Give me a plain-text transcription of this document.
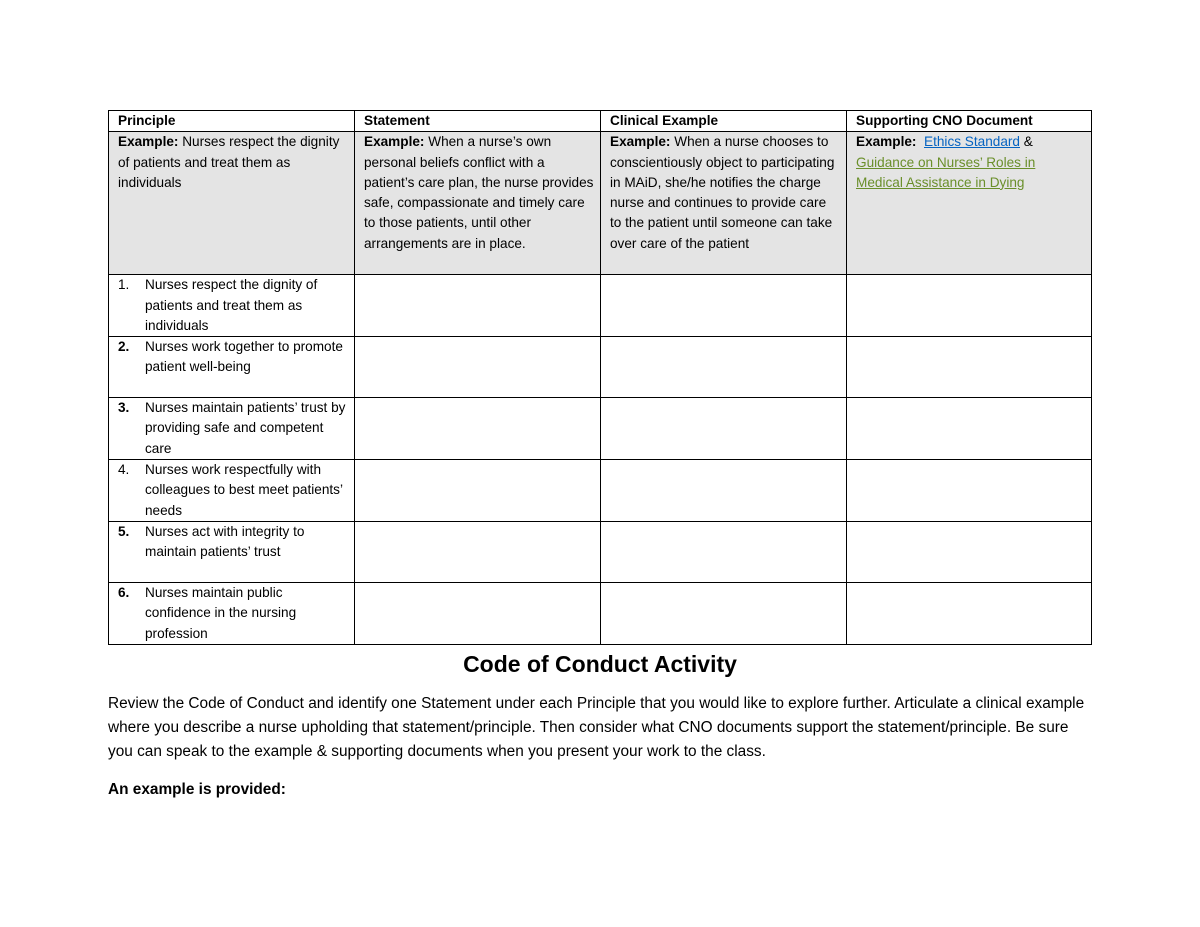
Principle	Statement	Clinical Example	Supporting CNO Document
Example: Nurses respect the dignity of patients and treat them as individuals	Example: When a nurse’s own personal beliefs conflict with a patient’s care plan, the nurse provides safe, compassionate and timely care to those patients, until other arrangements are in place.	Example: When a nurse chooses to conscientiously object to participating in MAiD, she/he notifies the charge nurse and continues to provide care to the patient until someone can take over care of the patient	Example: Ethics Standard &
Guidance on Nurses’ Roles in Medical Assistance in Dying

1. Nurses respect the dignity of patients and treat them as individuals			

2. Nurses work together to promote patient well-being			

3. Nurses maintain patients’ trust by providing safe and competent care			

4. Nurses work respectfully with colleagues to best meet patients’ needs			

5. Nurses act with integrity to maintain patients’ trust			

6. Nurses maintain public confidence in the nursing profession			

Code of Conduct Activity

Review the Code of Conduct and identify one Statement under each Principle that you would like to explore further. Articulate a clinical example where you describe a nurse upholding that statement/principle. Then consider what CNO documents support the statement/principle. Be sure you can speak to the example & supporting documents when you present your work to the class.

An example is provided:
